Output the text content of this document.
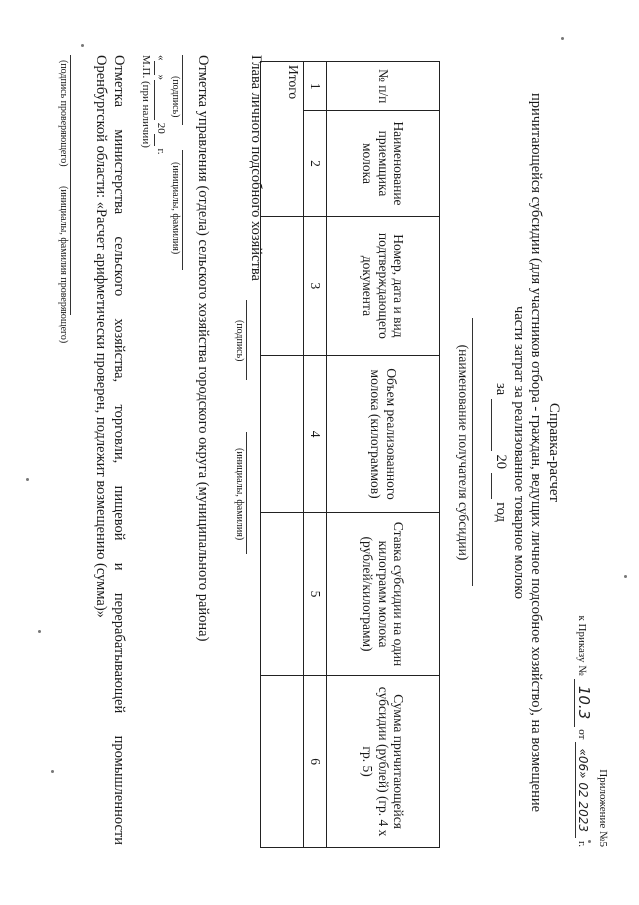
Приложение №5
к Приказу № 10.3 от «06» 02 2023 г.
Справка-расчет
причитающейся субсидии (для участников отбора - граждан, ведущих личное подсобное хозяйство), на возмещение
части затрат за реализованное товарное молоко
за   20   год
(наименование получателя субсидии)
№ п/п	Наименование приемщика молока	Номер, дата и вид подтверждающего документа	Объем реализованного молока (килограммов)	Ставка субсидии на один килограмм молока (рублей/килограмм)	Сумма причитающейся субсидии (рублей) (гр. 4 х гр. 5)
1	2	3	4	5	6
Итого					
Глава личного подсобного хозяйства
(подпись)
(инициалы, фамилия)
Отметка управления (отдела) сельского хозяйства городского округа (муниципального района)
(подпись)
(инициалы, фамилия)
« »  20  г.
М.П. (при наличии)
Отметка министерства сельского хозяйства, торговли, пищевой и перерабатывающей промышленности
Оренбургской области: «Расчет арифметически проверен, подлежит возмещению (сумма)»
(подпись проверяющего)
(инициалы, фамилия проверяющего)
